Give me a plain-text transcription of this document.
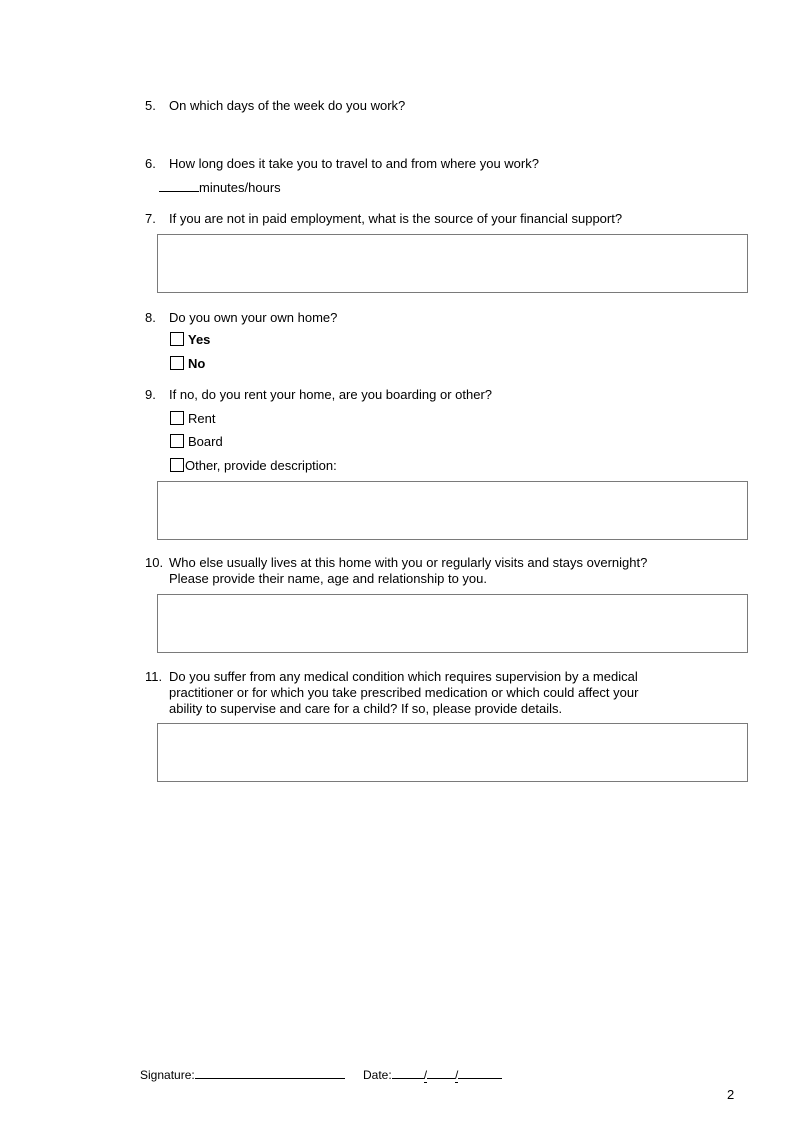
5. On which days of the week do you work?
6. How long does it take you to travel to and from where you work?
minutes/hours
7. If you are not in paid employment, what is the source of your financial support?
8. Do you own your own home?
Yes
No
9. If no, do you rent your home, are you boarding or other?
Rent
Board
Other, provide description:
10. Who else usually lives at this home with you or regularly visits and stays overnight?
Please provide their name, age and relationship to you.
11. Do you suffer from any medical condition which requires supervision by a medical
practitioner or for which you take prescribed medication or which could affect your
ability to supervise and care for a child? If so, please provide details.
Signature:	Date:	/ /
2
